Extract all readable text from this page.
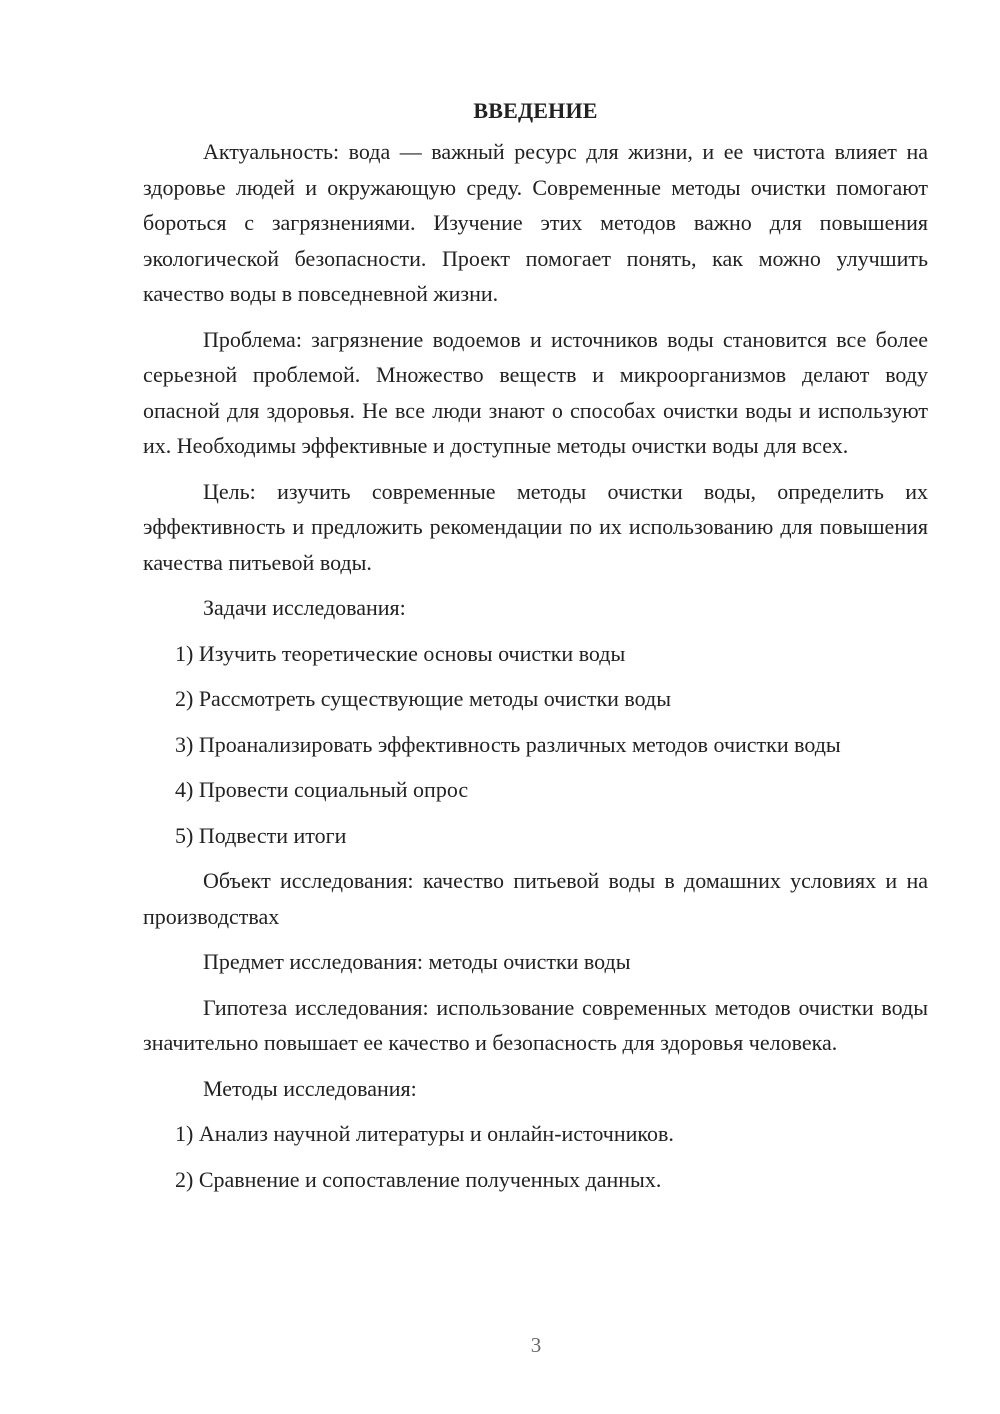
ВВЕДЕНИЕ

Актуальность: вода — важный ресурс для жизни, и ее чистота влияет на здоровье людей и окружающую среду. Современные методы очистки помогают бороться с загрязнениями. Изучение этих методов важно для повышения экологической безопасности. Проект помогает понять, как можно улучшить качество воды в повседневной жизни.

Проблема: загрязнение водоемов и источников воды становится все более серьезной проблемой. Множество веществ и микроорганизмов делают воду опасной для здоровья. Не все люди знают о способах очистки воды и используют их. Необходимы эффективные и доступные методы очистки воды для всех.

Цель: изучить современные методы очистки воды, определить их эффективность и предложить рекомендации по их использованию для повышения качества питьевой воды.

Задачи исследования:

1) Изучить теоретические основы очистки воды

2) Рассмотреть существующие методы очистки воды

3) Проанализировать эффективность различных методов очистки воды

4) Провести социальный опрос

5) Подвести итоги

Объект исследования: качество питьевой воды в домашних условиях и на производствах

Предмет исследования: методы очистки воды

Гипотеза исследования: использование современных методов очистки воды значительно повышает ее качество и безопасность для здоровья человека.

Методы исследования:

1) Анализ научной литературы и онлайн-источников.

2) Сравнение и сопоставление полученных данных.

3
